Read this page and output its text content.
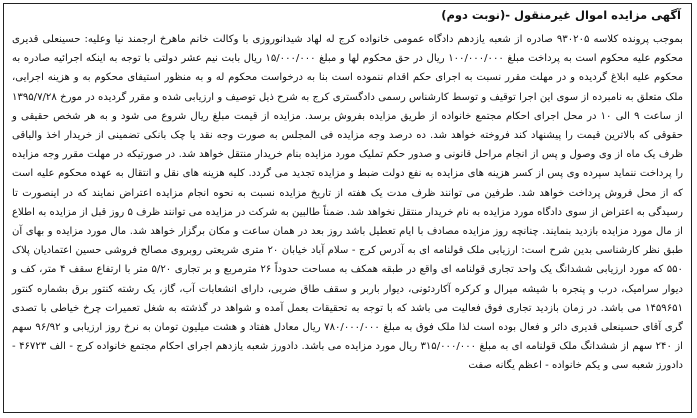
آگهی مزایده اموال غیرمنقول -(نوبت دوم)

بموجب پرونده کلاسه ۹۳۰۲۰۵ صادره از شعبه یازدهم دادگاه عمومی خانواده کرج له لهاد شیدانوروزی با وکالت خانم ماهرخ ارجمند نیا وعلیه: حسینعلی قدیری محکوم علیه محکوم است به پرداخت مبلغ ۱۰۰/۰۰۰/۰۰۰ ریال در حق محکوم لها و مبلغ ۱۵/۰۰۰/۰۰۰ ریال بابت نیم عشر دولتی با توجه به اینکه اجرائیه صادره به محکوم علیه ابلاغ گردیده و در مهلت مقرر نسبت به اجرای حکم اقدام ننموده است بنا به درخواست محکوم له و به منظور استیفای محکوم به و هزینه اجرایی، ملک متعلق به نامبرده از سوی این اجرا توقیف و توسط کارشناس رسمی دادگستری کرج به شرح ذیل توصیف و ارزیابی شده و مقرر گردیده در مورخ ۱۳۹۵/۷/۲۸ از ساعت ۹ الی ۱۰ در محل اجرای احکام مجتمع خانواده از طریق مزایده بفروش برسد. مزایده از قیمت مبلغ ریال شروع می شود و به هر شخص حقیقی و حقوقی که بالاترین قیمت را پیشنهاد کند فروخته خواهد شد. ده درصد وجه مزایده فی المجلس به صورت وجه نقد یا چک بانکی تضمینی از خریدار اخذ والباقی ظرف یک ماه از وی وصول و پس از انجام مراحل قانونی و صدور حکم تملیک مورد مزایده بنام خریدار منتقل خواهد شد. در صورتیکه در مهلت مقرر وجه مزایده را پرداخت ننماید سپرده وی پس از کسر هزینه های مزایده به نفع دولت ضبط و مزایده تجدید می گردد. کلیه هزینه های نقل و انتقال به عهده محکوم علیه است که از محل فروش پرداخت خواهد شد. طرفین می توانند ظرف مدت یک هفته از تاریخ مزایده نسبت به نحوه انجام مزایده اعتراض نمایند که در اینصورت تا رسیدگی به اعتراض از سوی دادگاه مورد مزایده به نام خریدار منتقل نخواهد شد. ضمناً طالبین به شرکت در مزایده می توانند ظرف ۵ روز قبل از مزایده به اطلاع از مال مورد مزایده بازدید بنمایند. چنانچه روز مزایده مصادف با ایام تعطیل باشد روز بعد در همان ساعت و مکان برگزار خواهد شد. مال مورد مزایده و بهای آن طبق نظر کارشناسی بدین شرح است: ارزیابی ملک قولنامه ای به آدرس کرج - سلام آباد خیابان ۲۰ متری شریعتی روبروی مصالح فروشی حسین اعتمادیان پلاک ۵۵۰ که مورد ارزیابی ششدانگ یک واحد تجاری قولنامه ای واقع در طبقه همکف به مساحت حدوداً ۲۶ مترمربع و بر تجاری ۵/۲۰ متر با ارتفاع سقف ۴ متر، کف و دیوار سرامیک، درب و پنجره با شیشه میرال و کرکره آکاردئونی، دیوار باربر و سقف طاق ضربی، دارای انشعابات آب، گاز، یک رشته کنتور برق بشماره کنتور ۱۴۵۹۶۵۱ می باشد. در زمان بازدید تجاری فوق فعالیت می باشد که با توجه به تحقیقات بعمل آمده و شواهد در گذشته به شغل تعمیرات چرخ خیاطی با تصدی گری آقای حسینعلی قدیری دائر و فعال بوده است لذا ملک فوق به مبلغ ۷۸۰/۰۰۰/۰۰۰ ریال معادل هفتاد و هشت میلیون تومان به نرخ روز ارزیابی و ۹۶/۹۲ سهم از ۲۴۰ سهم از ششدانگ ملک قولنامه ای به مبلغ ۳۱۵/۰۰۰/۰۰۰ ریال مورد مزایده می باشد. دادورز شعبه یازدهم اجرای احکام مجتمع خانواده کرج - الف ۴۶۷۲۳ - دادورز شعبه سی و یکم خانواده - اعظم یگانه صفت
